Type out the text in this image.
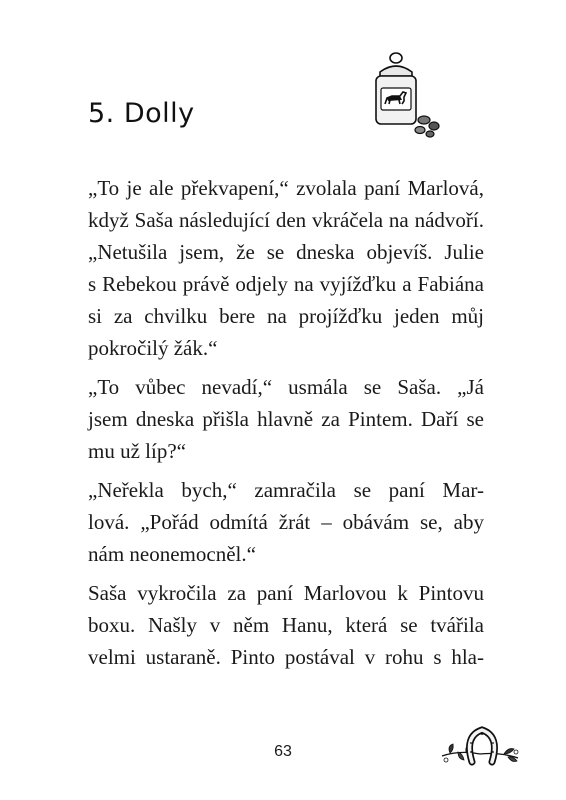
5. Dolly
„To je ale překvapení,“ zvolala paní Marlová,
když Saša následující den vkráčela na nádvoří.
„Netušila jsem, že se dneska objevíš. Julie
s Rebekou právě odjely na vyjížďku a Fabiána
si za chvilku bere na projížďku jeden můj
pokročilý žák.“
„To vůbec nevadí,“ usmála se Saša. „Já
jsem dneska přišla hlavně za Pintem. Daří se
mu už líp?“
„Neřekla bych,“ zamračila se paní Mar-
lová. „Pořád odmítá žrát – obávám se, aby
nám neonemocněl.“
Saša vykročila za paní Marlovou k Pintovu
boxu. Našly v něm Hanu, která se tvářila
velmi ustaraně. Pinto postával v rohu s hla-
63
